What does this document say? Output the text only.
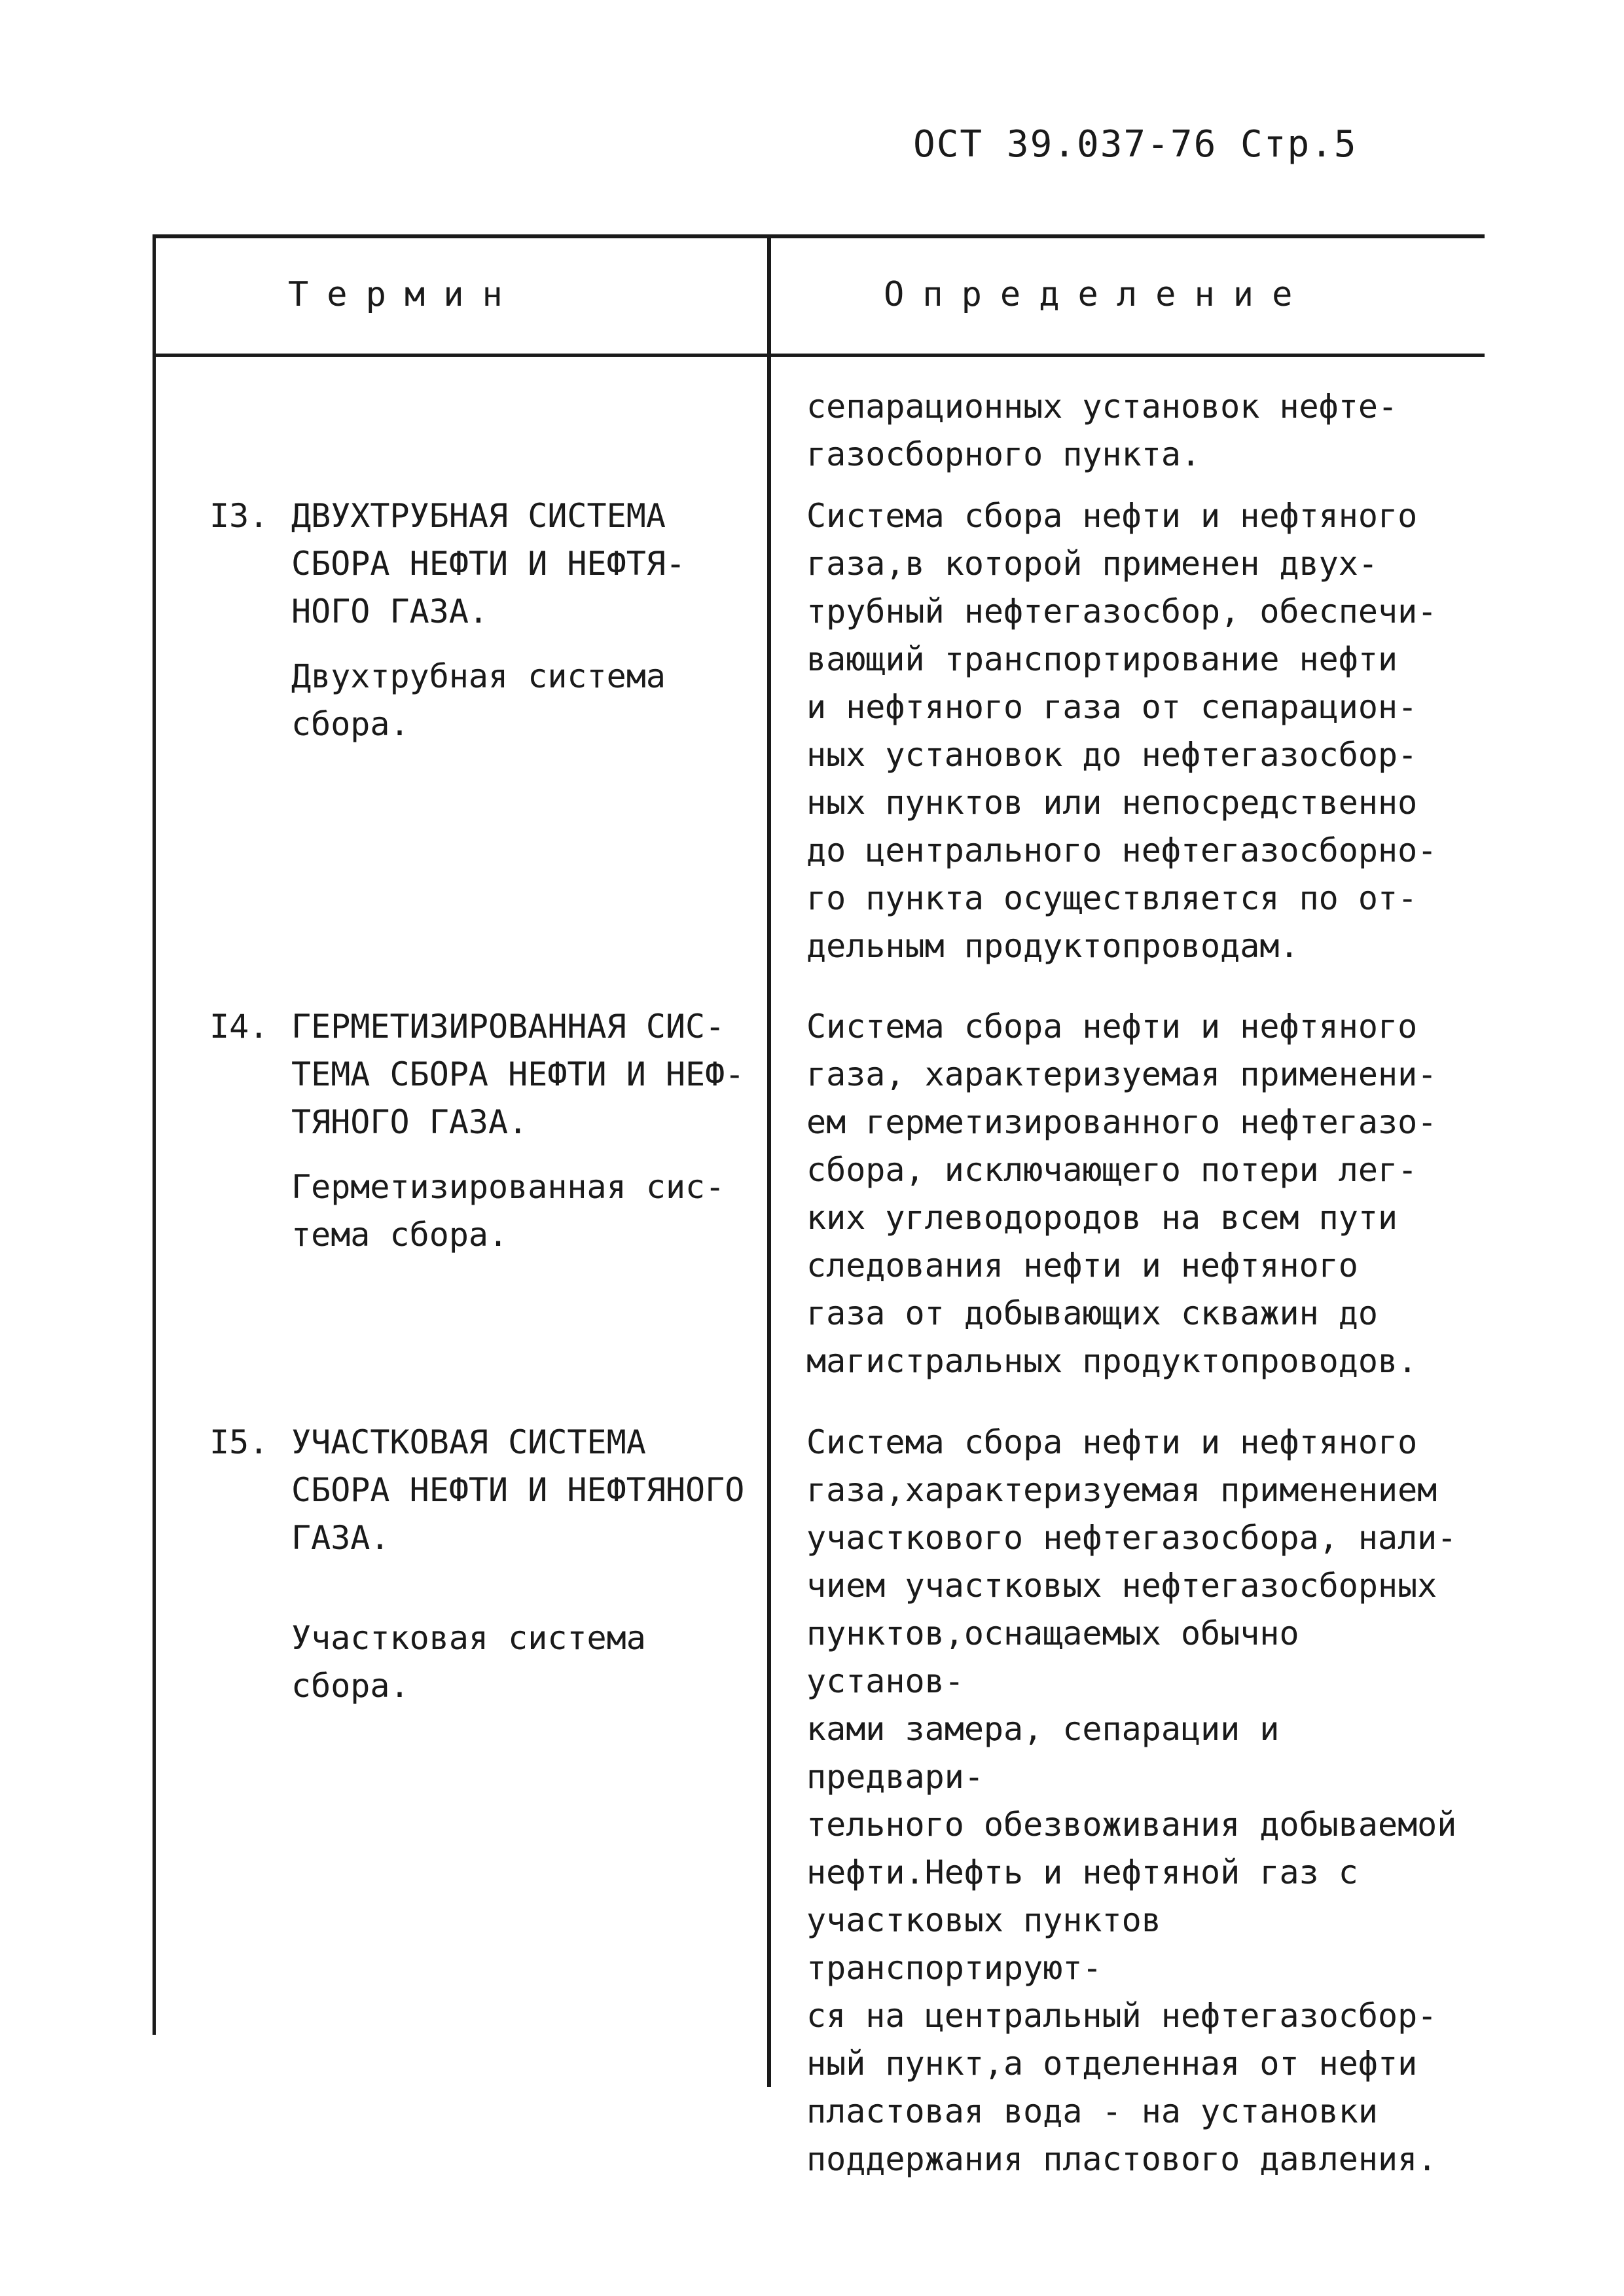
ОСТ 39.037-76 Стр.5
Термин	Определение
сепарационных установок нефте-
газосборного пункта.
I3. ДВУХТРУБНАЯ СИСТЕМА
СБОРА НЕФТИ И НЕФТЯ-
НОГО ГАЗА.
Двухтрубная система
сбора.
Система сбора нефти и нефтяного
газа,в которой применен двух-
трубный нефтегазосбор, обеспечи-
вающий транспортирование нефти
и нефтяного газа от сепарацион-
ных установок до нефтегазосбор-
ных пунктов или непосредственно
до центрального нефтегазосборно-
го пункта осуществляется по от-
дельным продуктопроводам.
I4. ГЕРМЕТИЗИРОВАННАЯ СИС-
ТЕМА СБОРА НЕФТИ И НЕФ-
ТЯНОГО ГАЗА.
Герметизированная сис-
тема сбора.
Система сбора нефти и нефтяного
газа, характеризуемая применени-
ем герметизированного нефтегазо-
сбора, исключающего потери лег-
ких углеводородов на всем пути
следования нефти и нефтяного
газа от добывающих скважин до
магистральных продуктопроводов.
I5. УЧАСТКОВАЯ СИСТЕМА
СБОРА НЕФТИ И НЕФТЯНОГО
ГАЗА.
Участковая система
сбора.
Система сбора нефти и нефтяного
газа,характеризуемая применением
участкового нефтегазосбора, нали-
чием участковых нефтегазосборных
пунктов,оснащаемых обычно установ-
ками замера, сепарации и предвари-
тельного обезвоживания добываемой
нефти.Нефть и нефтяной газ с
участковых пунктов транспортируют-
ся на центральный нефтегазосбор-
ный пункт,а отделенная от нефти
пластовая вода - на установки
поддержания пластового давления.
